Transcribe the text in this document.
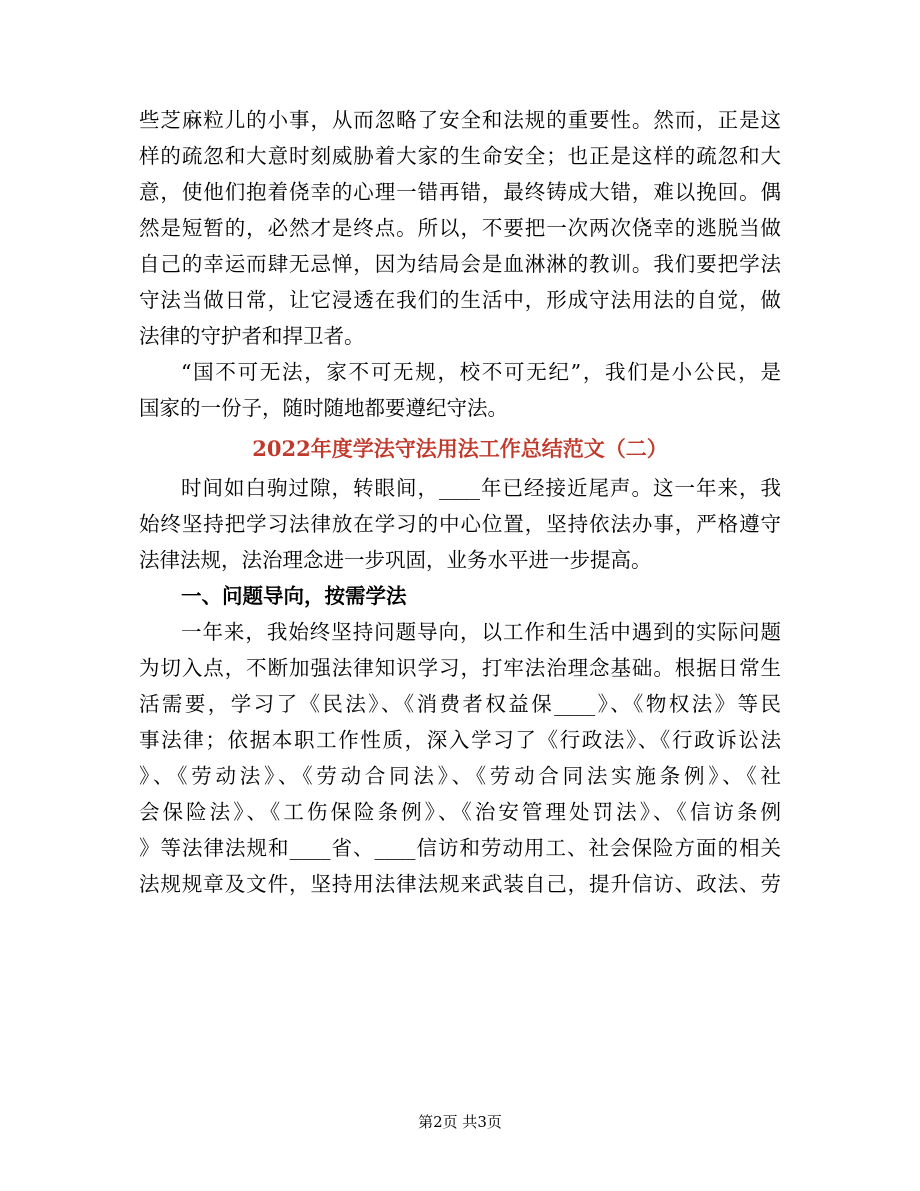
些芝麻粒儿的小事，从而忽略了安全和法规的重要性。然而，正是这
样的疏忽和大意时刻威胁着大家的生命安全；也正是这样的疏忽和大
意，使他们抱着侥幸的心理一错再错，最终铸成大错，难以挽回。偶
然是短暂的，必然才是终点。所以，不要把一次两次侥幸的逃脱当做
自己的幸运而肆无忌惮，因为结局会是血淋淋的教训。我们要把学法
守法当做日常，让它浸透在我们的生活中，形成守法用法的自觉，做
法律的守护者和捍卫者。
“国不可无法，家不可无规，校不可无纪”，我们是小公民，是
国家的一份子，随时随地都要遵纪守法。
2022年度学法守法用法工作总结范文（二）
时间如白驹过隙，转眼间，____年已经接近尾声。这一年来，我
始终坚持把学习法律放在学习的中心位置，坚持依法办事，严格遵守
法律法规，法治理念进一步巩固，业务水平进一步提高。
一、问题导向，按需学法
一年来，我始终坚持问题导向，以工作和生活中遇到的实际问题
为切入点，不断加强法律知识学习，打牢法治理念基础。根据日常生
活需要，学习了《民法》、《消费者权益保____》、《物权法》等民
事法律；依据本职工作性质，深入学习了《行政法》、《行政诉讼法
》、《劳动法》、《劳动合同法》、《劳动合同法实施条例》、《社
会保险法》、《工伤保险条例》、《治安管理处罚法》、《信访条例
》等法律法规和____省、____信访和劳动用工、社会保险方面的相关
法规规章及文件，坚持用法律法规来武装自己，提升信访、政法、劳
第2页 共3页
